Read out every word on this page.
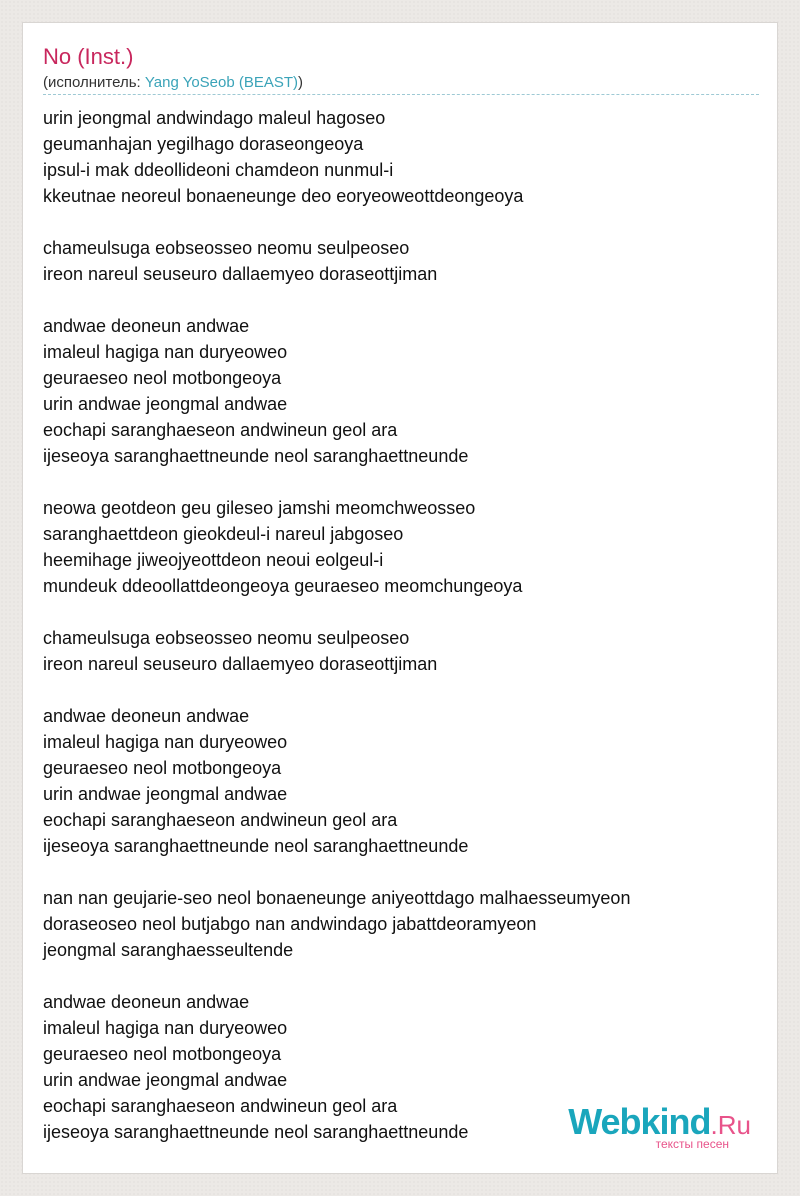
No (Inst.)
(исполнитель: Yang YoSeob (BEAST))
urin jeongmal andwindago maleul hagoseo
geumanhajan yegilhago doraseongeoya
ipsul-i mak ddeollideoni chamdeon nunmul-i
kkeutnae neoreul bonaeneunge deo eoryeoweottdeongeoya
chameulsuga eobseosseo neomu seulpeoseo
ireon nareul seuseuro dallaemyeo doraseottjiman
andwae deoneun andwae
imaleul hagiga nan duryeoweo
geuraeseo neol motbongeoya
urin andwae jeongmal andwae
eochapi saranghaeseon andwineun geol ara
ijeseoya saranghaettneunde neol saranghaettneunde
neowa geotdeon geu gileseo jamshi meomchweosseo
saranghaettdeon gieokdeul-i nareul jabgoseo
heemihage jiweojyeottdeon neoui eolgeul-i
mundeuk ddeoollattdeongeoya geuraeseo meomchungeoya
chameulsuga eobseosseo neomu seulpeoseo
ireon nareul seuseuro dallaemyeo doraseottjiman
andwae deoneun andwae
imaleul hagiga nan duryeoweo
geuraeseo neol motbongeoya
urin andwae jeongmal andwae
eochapi saranghaeseon andwineun geol ara
ijeseoya saranghaettneunde neol saranghaettneunde
nan nan geujarie-seo neol bonaeneunge aniyeottdago malhaesseumyeon
doraseoseo neol butjabgo nan andwindago jabattdeoramyeon
jeongmal saranghaesseultende
andwae deoneun andwae
imaleul hagiga nan duryeoweo
geuraeseo neol motbongeoya
urin andwae jeongmal andwae
eochapi saranghaeseon andwineun geol ara
ijeseoya saranghaettneunde neol saranghaettneunde	Webkind.Ru
тексты песен
